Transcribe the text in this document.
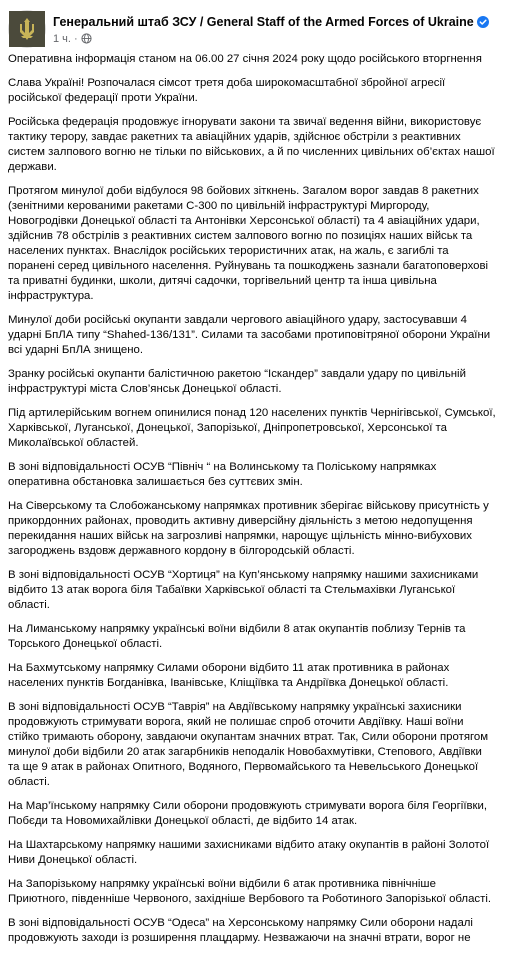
Генеральний штаб ЗСУ / General Staff of the Armed Forces of Ukraine
1 ч. ·

Оперативна інформація станом на 06.00 27 січня 2024 року щодо російського вторгнення

Слава Україні! Розпочалася сімсот третя доба широкомасштабної збройної агресії російської федерації проти України.

Російська федерація продовжує ігнорувати закони та звичаї ведення війни, використовує тактику терору, завдає ракетних та авіаційних ударів, здійснює обстріли з реактивних систем залпового вогню не тільки по військових, а й по численних цивільних об’єктах нашої держави.

Протягом минулої доби відбулося 98 бойових зіткнень. Загалом ворог завдав 8 ракетних (зенітними керованими ракетами С-300 по цивільній інфраструктурі Миргороду, Новогродівки Донецької області та Антонівки Херсонської області) та 4 авіаційних удари, здійснив 78 обстрілів з реактивних систем залпового вогню по позиціях наших військ та населених пунктах. Внаслідок російських терористичних атак, на жаль, є загиблі та поранені серед цивільного населення. Руйнувань та пошкоджень зазнали багатоповерхові та приватні будинки, школи, дитячі садочки, торгівельний центр та інша цивільна інфраструктура.

Минулої доби російські окупанти завдали чергового авіаційного удару, застосувавши 4 ударні БпЛА типу “Shahed-136/131”. Силами та засобами протиповітряної оборони України всі ударні БпЛА знищено.

Зранку російські окупанти балістичною ракетою “Іскандер” завдали удару по цивільній інфраструктурі міста Слов’янськ Донецької області.

Під артилерійським вогнем опинилися понад 120 населених пунктів Чернігівської, Сумської, Харківської, Луганської, Донецької, Запорізької, Дніпропетровської, Херсонської та Миколаївської областей.

В зоні відповідальності ОСУВ “Північ “ на Волинському та Поліському напрямках оперативна обстановка залишається без суттєвих змін.

На Сіверському та Слобожанському напрямках противник зберігає військову присутність у прикордонних районах, проводить активну диверсійну діяльність з метою недопущення перекидання наших військ на загрозливі напрямки, нарощує щільність мінно-вибухових загороджень вздовж державного кордону в білгородській області.

В зоні відповідальності ОСУВ “Хортиця” на Куп’янському напрямку нашими захисниками відбито 13 атак ворога біля Табаївки Харківської області та Стельмахівки Луганської області.

На Лиманському напрямку українські воїни відбили 8 атак окупантів поблизу Тернів та Торського Донецької області.

На Бахмутському напрямку Силами оборони відбито 11 атак противника в районах населених пунктів Богданівка, Іванівське, Кліщіївка та Андріївка Донецької області.

В зоні відповідальності ОСУВ “Таврія” на Авдіївському напрямку українські захисники продовжують стримувати ворога, який не полишає спроб оточити Авдіївку. Наші воїни стійко тримають оборону, завдаючи окупантам значних втрат. Так, Сили оборони протягом минулої доби відбили 20 атак загарбників неподалік Новобахмутівки, Степового, Авдіївки та ще 9 атак в районах Опитного, Водяного, Первомайського та Невельського Донецької області.

На Мар’їнському напрямку Сили оборони продовжують стримувати ворога біля Георгіївки, Побєди та Новомихайлівки Донецької області, де відбито 14 атак.

На Шахтарському напрямку нашими захисниками відбито атаку окупантів в районі Золотої Ниви Донецької області.

На Запорізькому напрямку українські воїни відбили 6 атак противника північніше Приютного, південніше Червоного, західніше Вербового та Роботиного Запорізької області.

В зоні відповідальності ОСУВ “Одеса” на Херсонському напрямку Сили оборони надалі продовжують заходи із розширення плацдарму. Незважаючи на значні втрати, ворог не
